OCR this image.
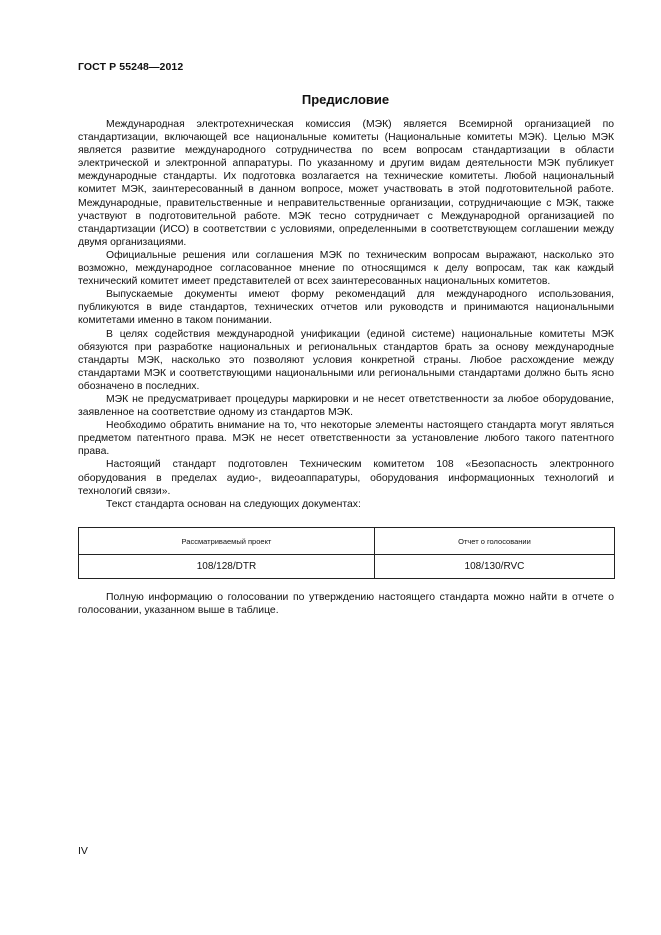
ГОСТ Р 55248—2012
Предисловие

Международная электротехническая комиссия (МЭК) является Всемирной организацией по стандартизации, включающей все национальные комитеты (Национальные комитеты МЭК). Целью МЭК является развитие международного сотрудничества по всем вопросам стандартизации в области электрической и электронной аппаратуры. По указанному и другим видам деятельности МЭК публикует международные стандарты. Их подготовка возлагается на технические комитеты. Любой национальный комитет МЭК, заинтересованный в данном вопросе, может участвовать в этой подготовительной работе. Международные, правительственные и неправительственные организации, сотрудничающие с МЭК, также участвуют в подготовительной работе. МЭК тесно сотрудничает с Международной организацией по стандартизации (ИСО) в соответствии с условиями, определенными в соответствующем соглашении между двумя организациями.

Официальные решения или соглашения МЭК по техническим вопросам выражают, насколько это возможно, международное согласованное мнение по относящимся к делу вопросам, так как каждый технический комитет имеет представителей от всех заинтересованных национальных комитетов.

Выпускаемые документы имеют форму рекомендаций для международного использования, публикуются в виде стандартов, технических отчетов или руководств и принимаются национальными комитетами именно в таком понимании.

В целях содействия международной унификации (единой системе) национальные комитеты МЭК обязуются при разработке национальных и региональных стандартов брать за основу международные стандарты МЭК, насколько это позволяют условия конкретной страны. Любое расхождение между стандартами МЭК и соответствующими национальными или региональными стандартами должно быть ясно обозначено в последних.

МЭК не предусматривает процедуры маркировки и не несет ответственности за любое оборудование, заявленное на соответствие одному из стандартов МЭК.

Необходимо обратить внимание на то, что некоторые элементы настоящего стандарта могут являться предметом патентного права. МЭК не несет ответственности за установление любого такого патентного права.

Настоящий стандарт подготовлен Техническим комитетом 108 «Безопасность электронного оборудования в пределах аудио-, видеоаппаратуры, оборудования информационных технологий и технологий связи».

Текст стандарта основан на следующих документах:

Рассматриваемый проект	Отчет о голосовании
108/128/DTR	108/130/RVC

Полную информацию о голосовании по утверждению настоящего стандарта можно найти в отчете о голосовании, указанном выше в таблице.

IV
